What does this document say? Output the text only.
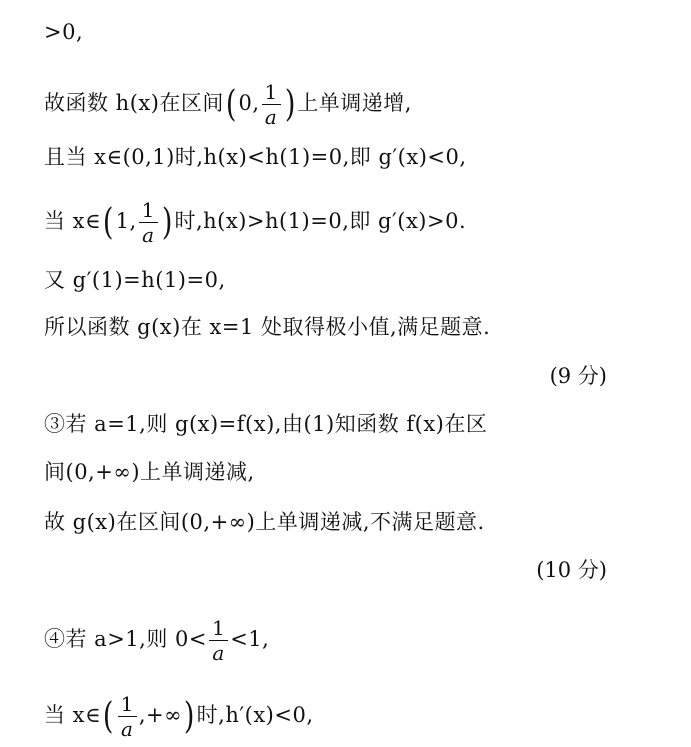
>0,
故函数 h(x)在区间(0, $\frac{1}{a}$ )上单调递增,
且当 x∈(0,1)时,h(x)<h(1)=0,即 g′(x)<0,
当 x∈(1, $\frac{1}{a}$ )时,h(x)>h(1)=0,即 g′(x)>0.
又 g′(1)=h(1)=0,
所以函数 g(x)在 x=1 处取得极小值,满足题意.
(9 分)
③若 a=1,则 g(x)=f(x),由(1)知函数 f(x)在区
间(0,+∞)上单调递减,
故 g(x)在区间(0,+∞)上单调递减,不满足题意.
(10 分)
④若 a>1,则 $0< \frac{1}{a} <1$,
当 x∈( $\frac{1}{a}$ ,+∞)时,h′(x)<0,
